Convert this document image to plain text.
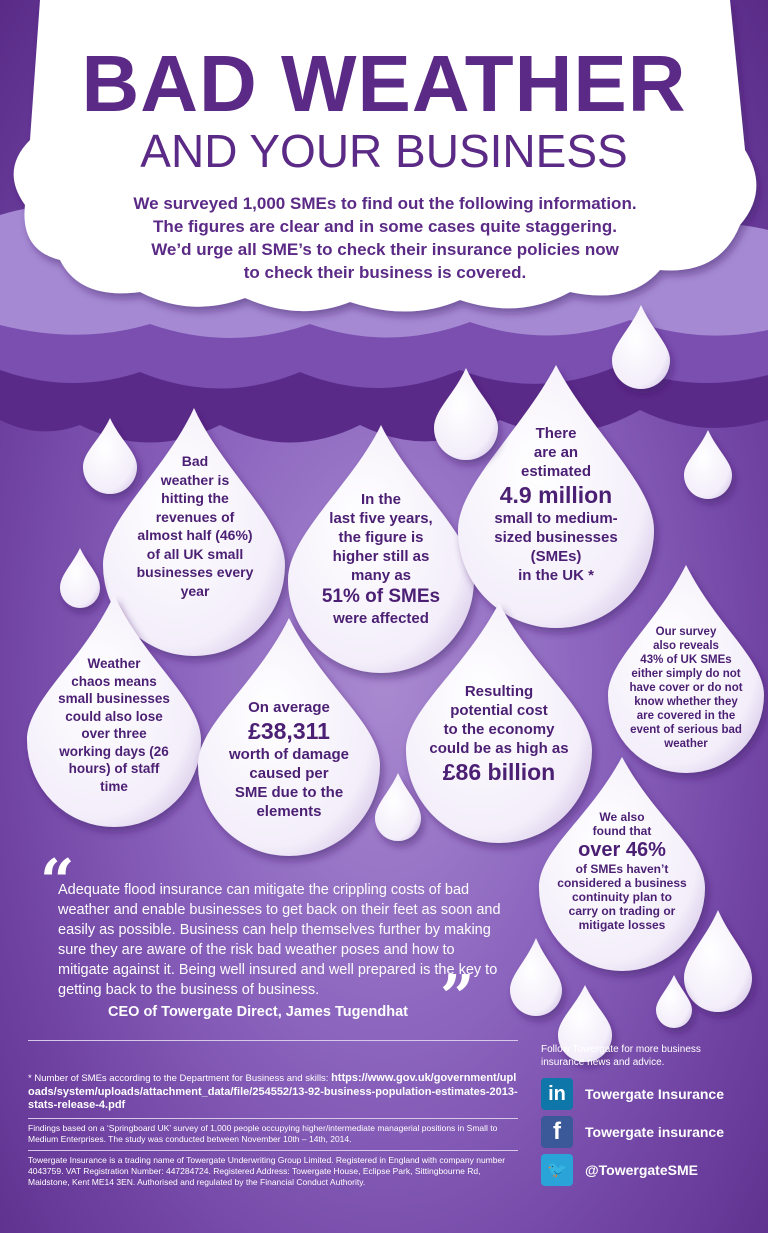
BAD WEATHER
AND YOUR BUSINESS
We surveyed 1,000 SMEs to find out the following information.
The figures are clear and in some cases quite staggering.
We’d urge all SME’s to check their insurance policies now
to check their business is covered.
Bad
weather is
hitting the
revenues of
almost half (46%)
of all UK small
businesses every
year
In the
last five years,
the figure is
higher still as
many as
51% of SMEs
were affected
There
are an
estimated
4.9 million
small to medium-
sized businesses
(SMEs)
in the UK *
Weather
chaos means
small businesses
could also lose
over three
working days (26
hours) of staff
time
On average
£38,311
worth of damage
caused per
SME due to the
elements
Resulting
potential cost
to the economy
could be as high as
£86 billion
Our survey
also reveals
43% of UK SMEs
either simply do not
have cover or do not
know whether they
are covered in the
event of serious bad
weather
We also
found that
over 46%
of SMEs haven’t
considered a business
continuity plan to
carry on trading or
mitigate losses
“
Adequate flood insurance can mitigate the crippling costs of bad weather and enable businesses to get back on their feet as soon and easily as possible. Business can help themselves further by making sure they are aware of the risk bad weather poses and how to mitigate against it. Being well insured and well prepared is the key to getting back to the business of business.	”
CEO of Towergate Direct, James Tugendhat
* Number of SMEs according to the Department for Business and skills: https://www.gov.uk/government/uploads/system/uploads/attachment_data/file/254552/13-92-business-population-estimates-2013-stats-release-4.pdf
Findings based on a ‘Springboard UK’ survey of 1,000 people occupying higher/intermediate managerial positions in Small to Medium Enterprises. The study was conducted between November 10th – 14th, 2014.
Towergate Insurance is a trading name of Towergate Underwriting Group Limited. Registered in England with company number 4043759. VAT Registration Number: 447284724. Registered Address: Towergate House, Eclipse Park, Sittingbourne Rd, Maidstone, Kent ME14 3EN. Authorised and regulated by the Financial Conduct Authority.
Follow Towergate for more business insurance news and advice.
in	Towergate Insurance
f	Towergate insurance
🐦	@TowergateSME
